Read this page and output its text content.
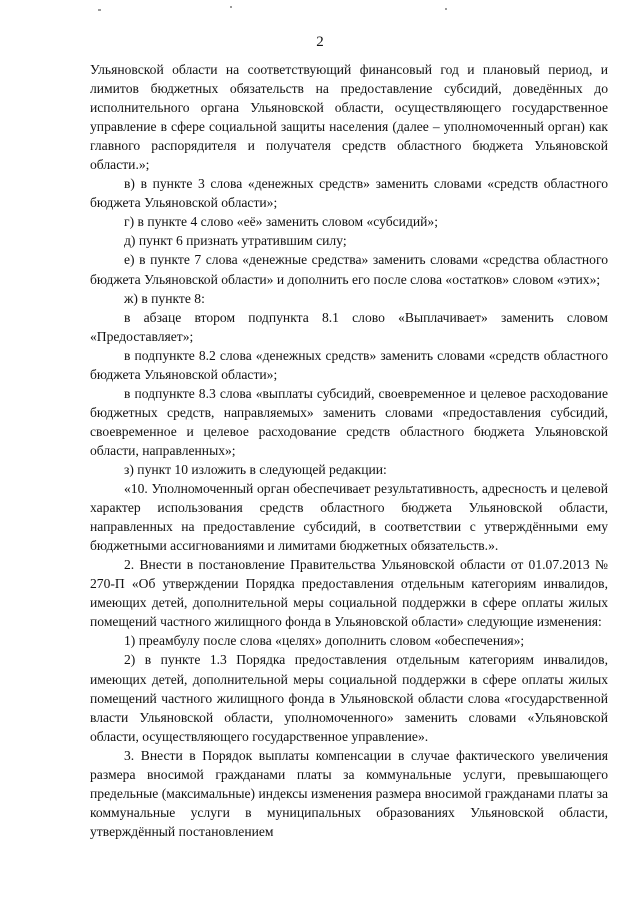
2

Ульяновской области на соответствующий финансовый год и плановый период, и лимитов бюджетных обязательств на предоставление субсидий, доведённых до исполнительного органа Ульяновской области, осуществляющего государственное управление в сфере социальной защиты населения (далее – уполномоченный орган) как главного распорядителя и получателя средств областного бюджета Ульяновской области.»;

в) в пункте 3 слова «денежных средств» заменить словами «средств областного бюджета Ульяновской области»;

г) в пункте 4 слово «её» заменить словом «субсидий»;

д) пункт 6 признать утратившим силу;

е) в пункте 7 слова «денежные средства» заменить словами «средства областного бюджета Ульяновской области» и дополнить его после слова «остатков» словом «этих»;

ж) в пункте 8:

в абзаце втором подпункта 8.1 слово «Выплачивает» заменить словом «Предоставляет»;

в подпункте 8.2 слова «денежных средств» заменить словами «средств областного бюджета Ульяновской области»;

в подпункте 8.3 слова «выплаты субсидий, своевременное и целевое расходование бюджетных средств, направляемых» заменить словами «предоставления субсидий, своевременное и целевое расходование средств областного бюджета Ульяновской области, направленных»;

з) пункт 10 изложить в следующей редакции:

«10. Уполномоченный орган обеспечивает результативность, адресность и целевой характер использования средств областного бюджета Ульяновской области, направленных на предоставление субсидий, в соответствии с утверждёнными ему бюджетными ассигнованиями и лимитами бюджетных обязательств.».

2. Внести в постановление Правительства Ульяновской области от 01.07.2013 № 270-П «Об утверждении Порядка предоставления отдельным категориям инвалидов, имеющих детей, дополнительной меры социальной поддержки в сфере оплаты жилых помещений частного жилищного фонда в Ульяновской области» следующие изменения:

1) преамбулу после слова «целях» дополнить словом «обеспечения»;

2) в пункте 1.3 Порядка предоставления отдельным категориям инвалидов, имеющих детей, дополнительной меры социальной поддержки в сфере оплаты жилых помещений частного жилищного фонда в Ульяновской области слова «государственной власти Ульяновской области, уполномоченного» заменить словами «Ульяновской области, осуществляющего государственное управление».

3. Внести в Порядок выплаты компенсации в случае фактического увеличения размера вносимой гражданами платы за коммунальные услуги, превышающего предельные (максимальные) индексы изменения размера вносимой гражданами платы за коммунальные услуги в муниципальных образованиях Ульяновской области, утверждённый постановлением
